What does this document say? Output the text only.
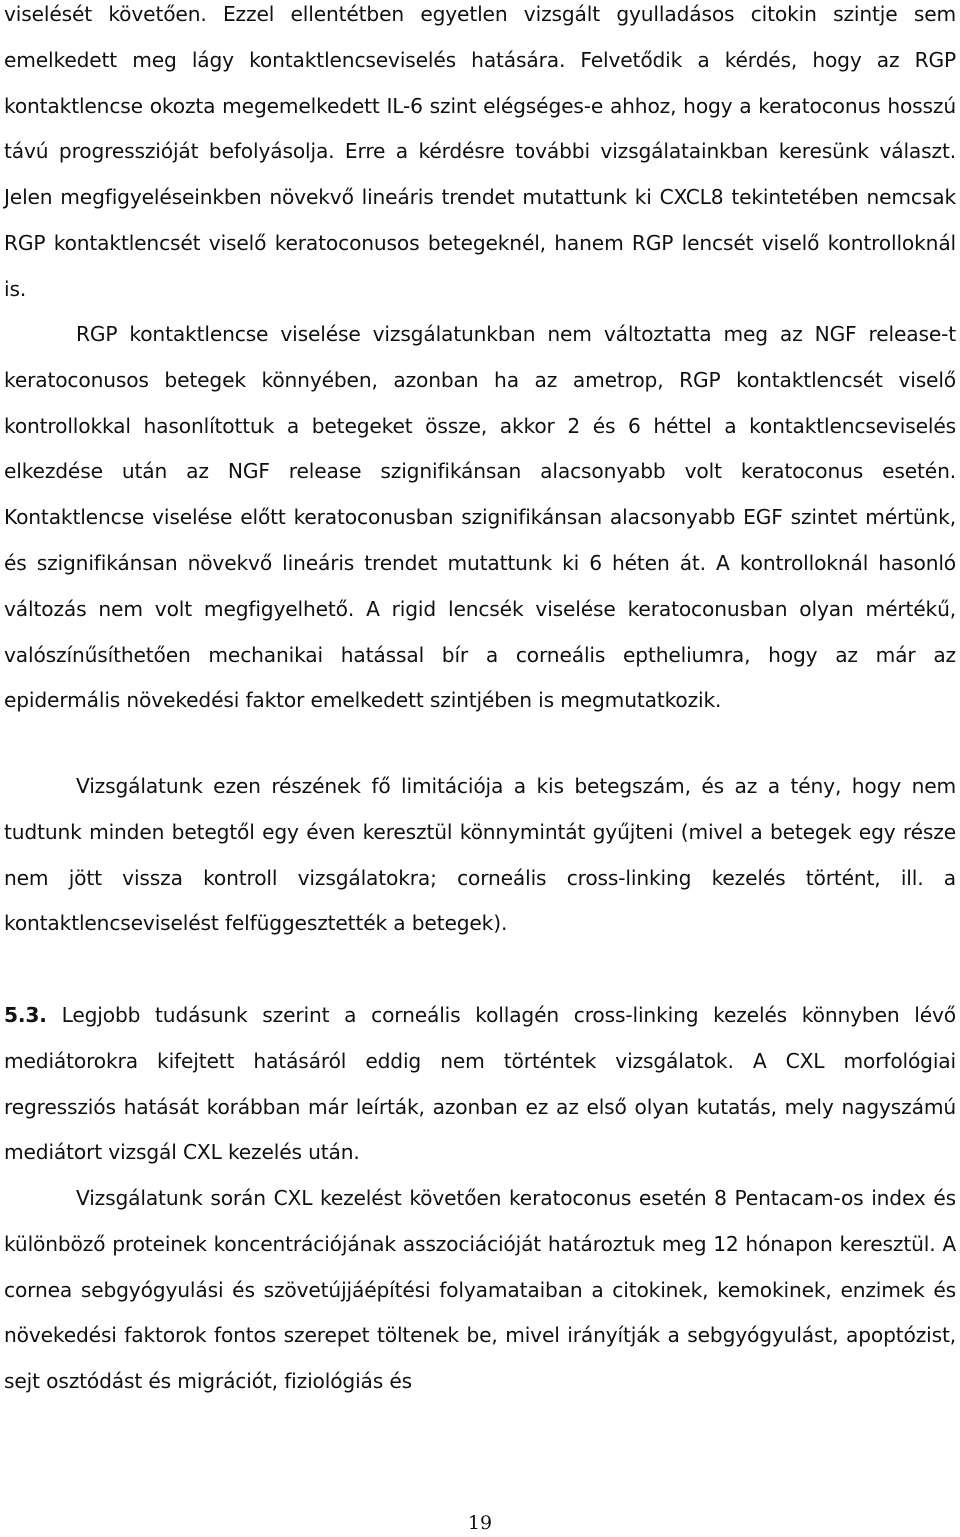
viselését követően. Ezzel ellentétben egyetlen vizsgált gyulladásos citokin szintje sem emelkedett meg lágy kontaktlencseviselés hatására. Felvetődik a kérdés, hogy az RGP kontaktlencse okozta megemelkedett IL-6 szint elégséges-e ahhoz, hogy a keratoconus hosszú távú progresszióját befolyásolja. Erre a kérdésre további vizsgálatainkban keresünk választ. Jelen megfigyeléseinkben növekvő lineáris trendet mutattunk ki CXCL8 tekintetében nemcsak RGP kontaktlencsét viselő keratoconusos betegeknél, hanem RGP lencsét viselő kontrolloknál is.

RGP kontaktlencse viselése vizsgálatunkban nem változtatta meg az NGF release-t keratoconusos betegek könnyében, azonban ha az ametrop, RGP kontaktlencsét viselő kontrollokkal hasonlítottuk a betegeket össze, akkor 2 és 6 héttel a kontaktlencseviselés elkezdése után az NGF release szignifikánsan alacsonyabb volt keratoconus esetén. Kontaktlencse viselése előtt keratoconusban szignifikánsan alacsonyabb EGF szintet mértünk, és szignifikánsan növekvő lineáris trendet mutattunk ki 6 héten át. A kontrolloknál hasonló változás nem volt megfigyelhető. A rigid lencsék viselése keratoconusban olyan mértékű, valószínűsíthetően mechanikai hatással bír a corneális eptheliumra, hogy az már az epidermális növekedési faktor emelkedett szintjében is megmutatkozik.

Vizsgálatunk ezen részének fő limitációja a kis betegszám, és az a tény, hogy nem tudtunk minden betegtől egy éven keresztül könnymintát gyűjteni (mivel a betegek egy része nem jött vissza kontroll vizsgálatokra; corneális cross-linking kezelés történt, ill. a kontaktlencseviselést felfüggesztették a betegek).

5.3. Legjobb tudásunk szerint a corneális kollagén cross-linking kezelés könnyben lévő mediátorokra kifejtett hatásáról eddig nem történtek vizsgálatok. A CXL morfológiai regressziós hatását korábban már leírták, azonban ez az első olyan kutatás, mely nagyszámú mediátort vizsgál CXL kezelés után.

Vizsgálatunk során CXL kezelést követően keratoconus esetén 8 Pentacam-os index és különböző proteinek koncentrációjának asszociációját határoztuk meg 12 hónapon keresztül. A cornea sebgyógyulási és szövetújjáépítési folyamataiban a citokinek, kemokinek, enzimek és növekedési faktorok fontos szerepet töltenek be, mivel irányítják a sebgyógyulást, apoptózist, sejt osztódást és migrációt, fiziológiás és

19
